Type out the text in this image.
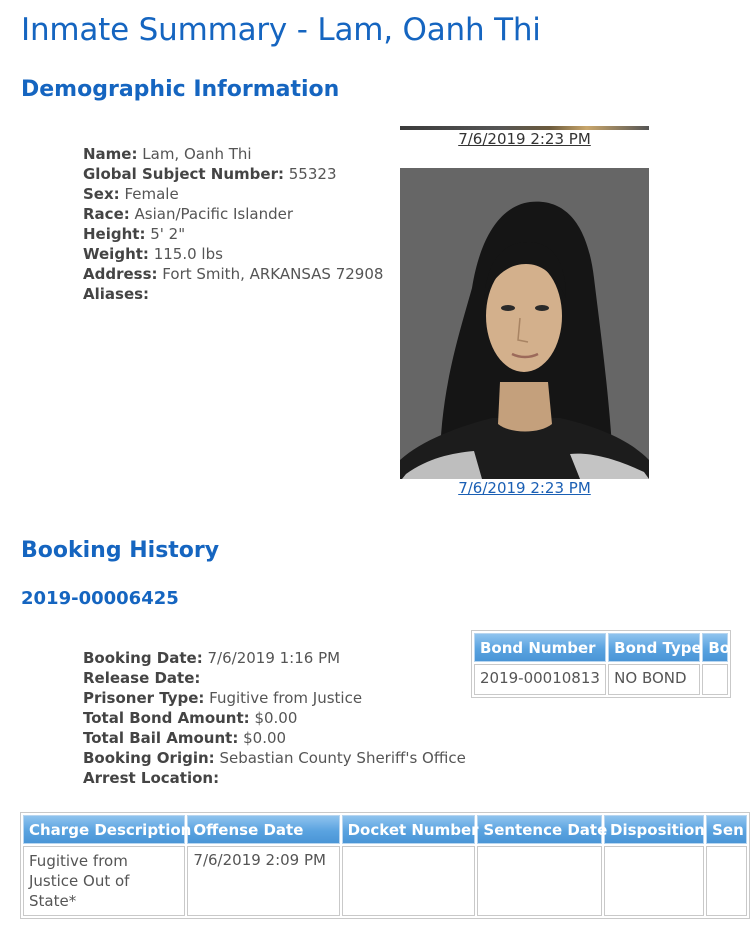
Inmate Summary - Lam, Oanh Thi
Demographic Information
Name: Lam, Oanh Thi
Global Subject Number: 55323
Sex: Female
Race: Asian/Pacific Islander
Height: 5' 2"
Weight: 115.0 lbs
Address: Fort Smith, ARKANSAS 72908
Aliases:
7/6/2019 2:23 PM
7/6/2019 2:23 PM
Booking History
2019-00006425
Booking Date: 7/6/2019 1:16 PM
Release Date:
Prisoner Type: Fugitive from Justice
Total Bond Amount: $0.00
Total Bail Amount: $0.00
Booking Origin: Sebastian County Sheriff's Office
Arrest Location:
Bond Number	Bond Type	Bo
2019-00010813	NO BOND	
Charge Description	Offense Date	Docket Number	Sentence Date	Disposition	Sen
Fugitive from Justice Out of State*	7/6/2019 2:09 PM				
